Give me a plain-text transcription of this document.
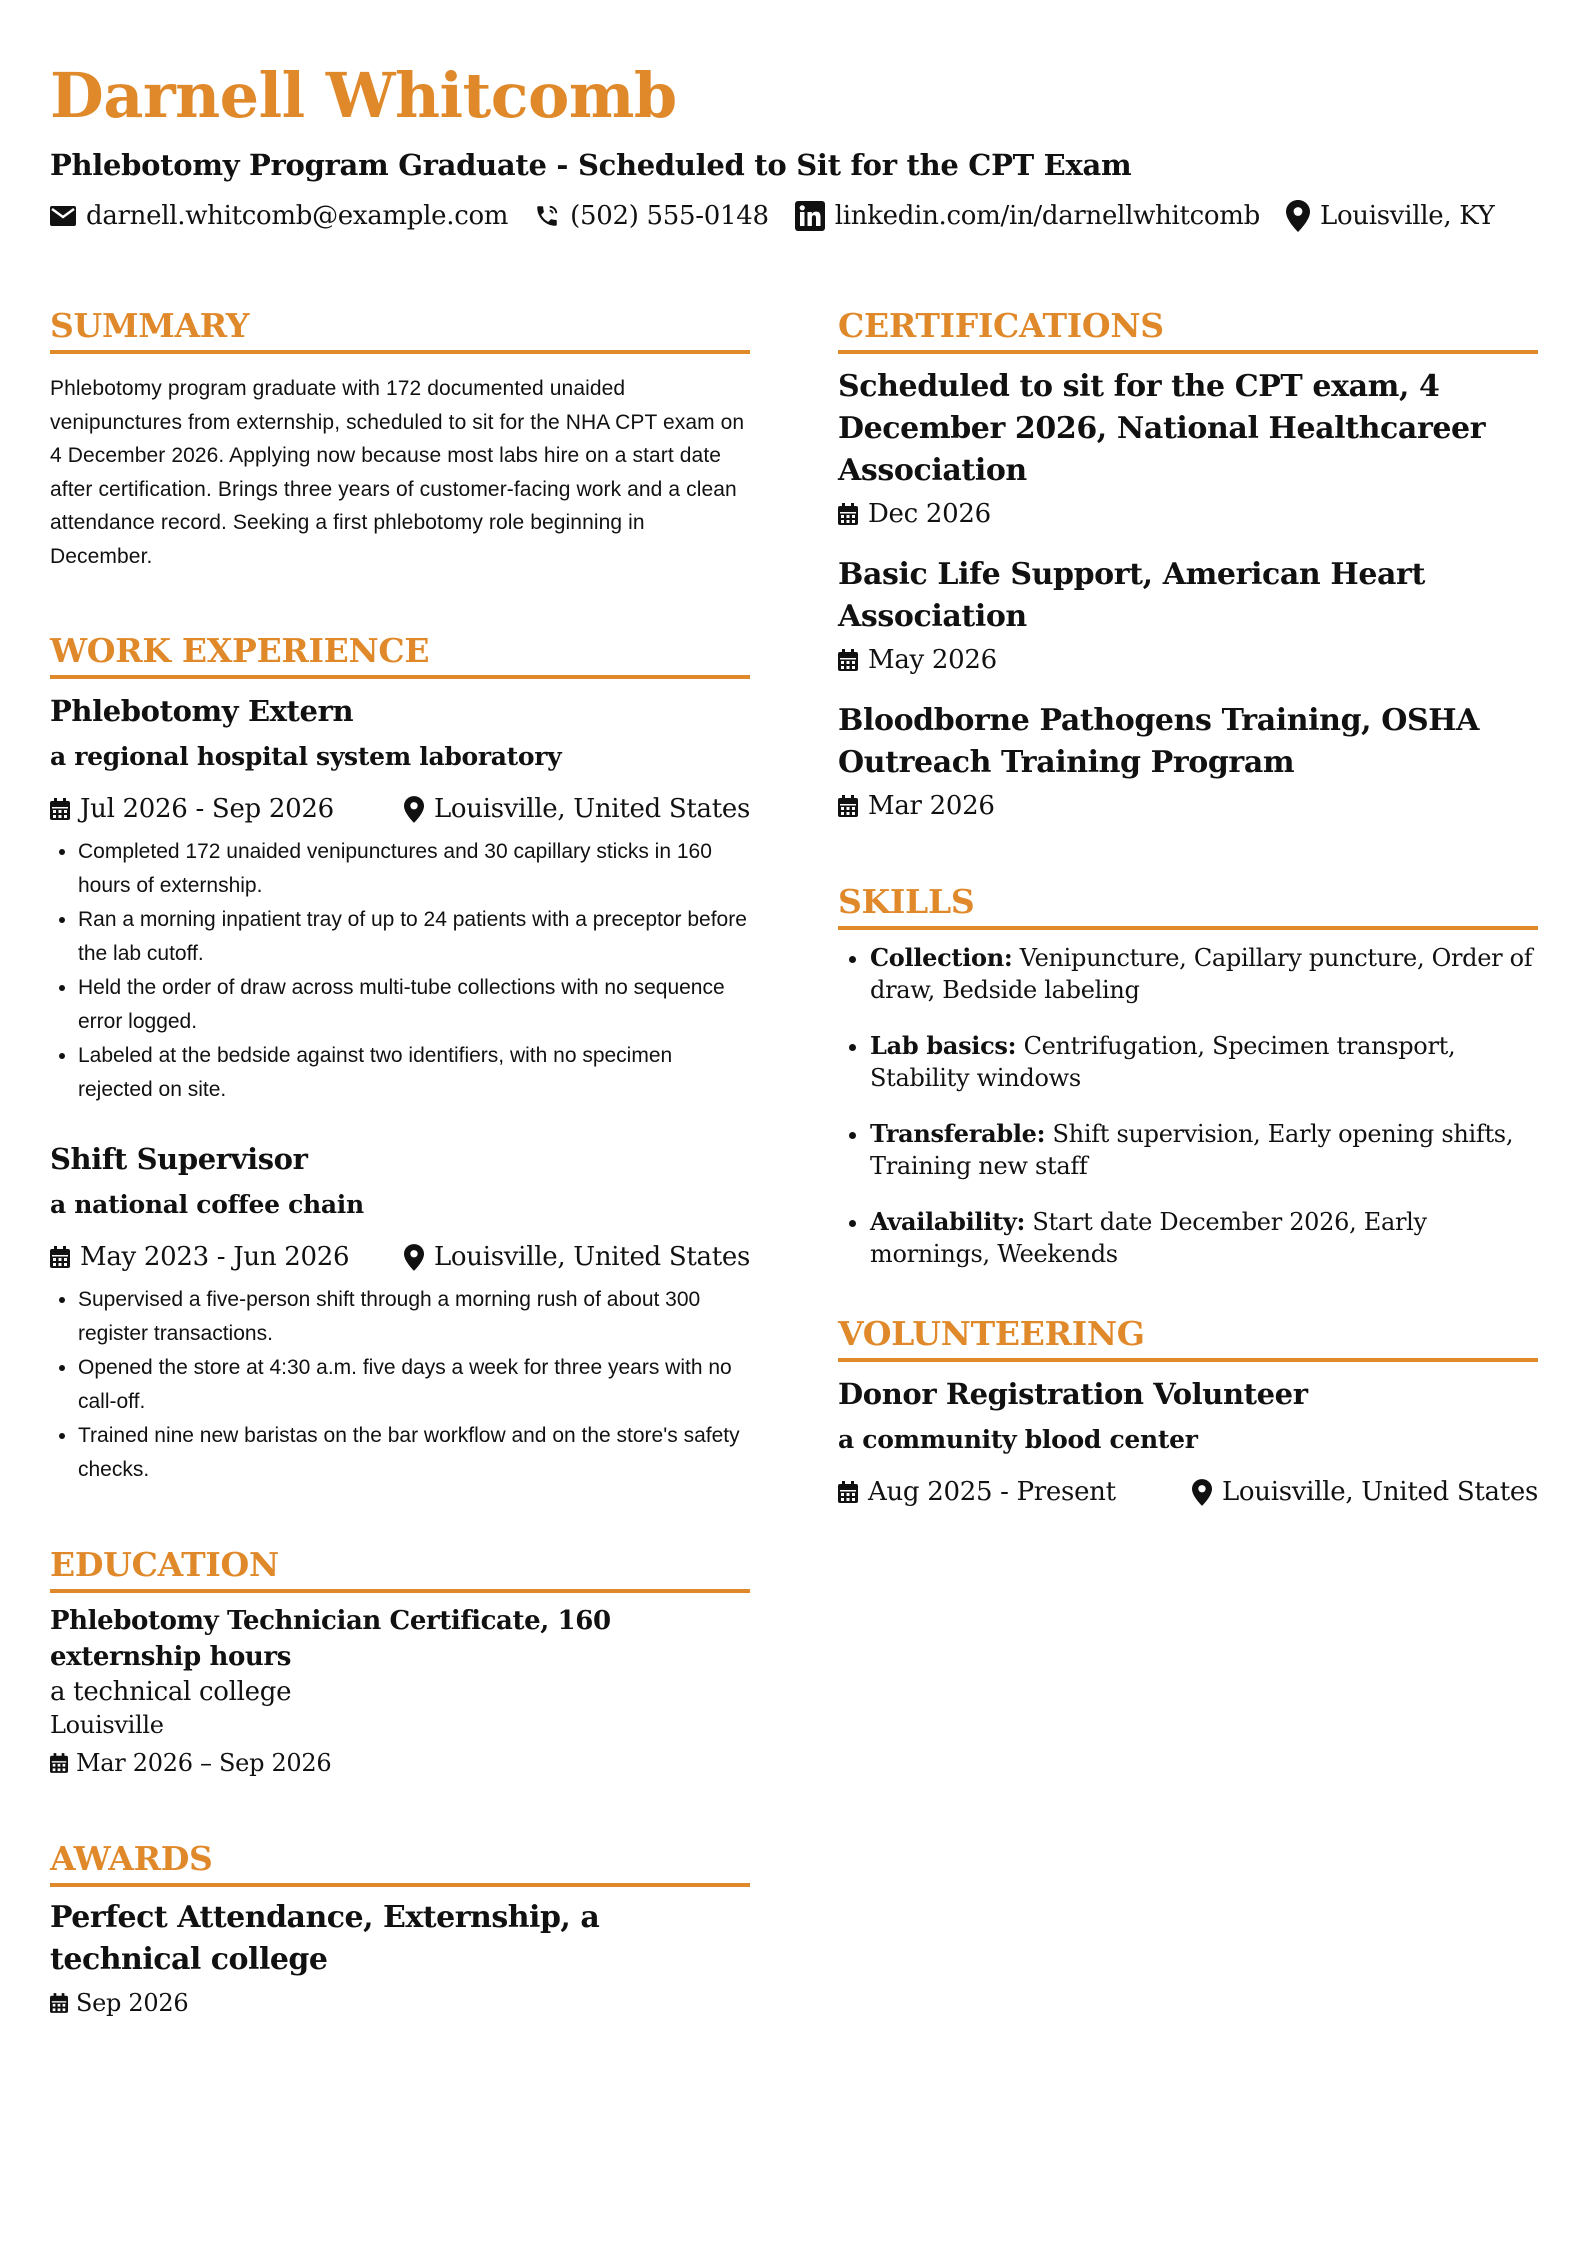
Darnell Whitcomb

Phlebotomy Program Graduate - Scheduled to Sit for the CPT Exam

darnell.whitcomb@example.com (502) 555-0148	linkedin.com/in/darnellwhitcomb Louisville, KY
SUMMARY

Phlebotomy program graduate with 172 documented unaided venipunctures from externship, scheduled to sit for the NHA CPT exam on 4 December 2026. Applying now because most labs hire on a start date after certification. Brings three years of customer-facing work and a clean attendance record. Seeking a first phlebotomy role beginning in December.

WORK EXPERIENCE

Phlebotomy Extern

a regional hospital system laboratory

Jul 2026 - Sep 2026	Louisville, United States
• Completed 172 unaided venipunctures and 30 capillary sticks in 160 hours of externship.
• Ran a morning inpatient tray of up to 24 patients with a preceptor before the lab cutoff.
• Held the order of draw across multi-tube collections with no sequence error logged.
• Labeled at the bedside against two identifiers, with no specimen rejected on site.

Shift Supervisor

a national coffee chain

May 2023 - Jun 2026	Louisville, United States
• Supervised a five-person shift through a morning rush of about 300 register transactions.
• Opened the store at 4:30 a.m. five days a week for three years with no call-off.
• Trained nine new baristas on the bar workflow and on the store's safety checks.
EDUCATION

Phlebotomy Technician Certificate, 160 externship hours

a technical college

Louisville

Mar 2026 – Sep 2026
AWARDS

Perfect Attendance, Externship, a technical college

Sep 2026
CERTIFICATIONS

Scheduled to sit for the CPT exam, 4 December 2026, National Healthcareer Association

Dec 2026

Basic Life Support, American Heart Association

May 2026

Bloodborne Pathogens Training, OSHA Outreach Training Program

Mar 2026
SKILLS
• Collection: Venipuncture, Capillary puncture, Order of draw, Bedside labeling
• Lab basics: Centrifugation, Specimen transport, Stability windows
• Transferable: Shift supervision, Early opening shifts, Training new staff
• Availability: Start date December 2026, Early mornings, Weekends
VOLUNTEERING

Donor Registration Volunteer

a community blood center

Aug 2025 - Present	Louisville, United States
